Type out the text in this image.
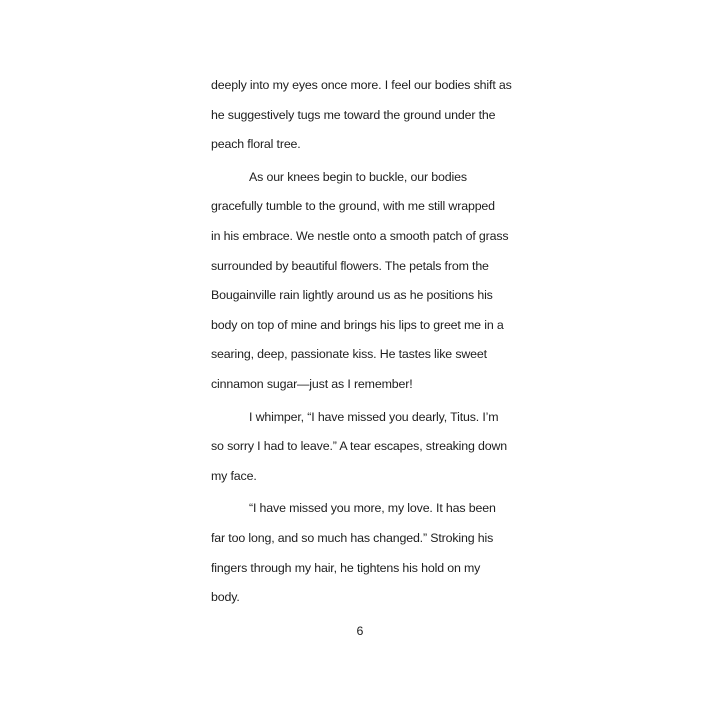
deeply into my eyes once more. I feel our bodies shift as
he suggestively tugs me toward the ground under the
peach floral tree.
As our knees begin to buckle, our bodies
gracefully tumble to the ground, with me still wrapped
in his embrace. We nestle onto a smooth patch of grass
surrounded by beautiful flowers. The petals from the
Bougainville rain lightly around us as he positions his
body on top of mine and brings his lips to greet me in a
searing, deep, passionate kiss. He tastes like sweet
cinnamon sugar—just as I remember!
I whimper, “I have missed you dearly, Titus. I’m
so sorry I had to leave.” A tear escapes, streaking down
my face.
“I have missed you more, my love. It has been
far too long, and so much has changed.” Stroking his
fingers through my hair, he tightens his hold on my
body.
6
